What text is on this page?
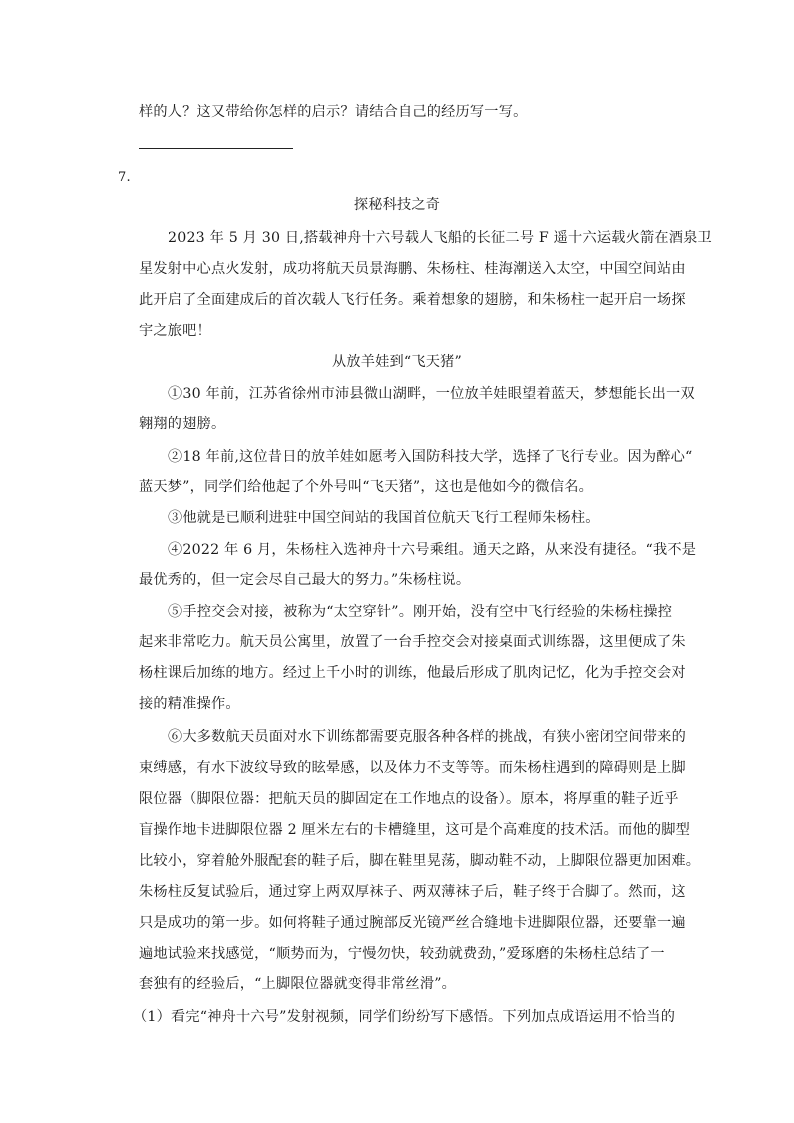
样的人？这又带给你怎样的启示？请结合自己的经历写一写。
7.
探秘科技之奇
2023 年 5 月 30 日,搭载神舟十六号载人飞船的长征二号 F 遥十六运载火箭在酒泉卫
星发射中心点火发射，成功将航天员景海鹏、朱杨柱、桂海潮送入太空，中国空间站由
此开启了全面建成后的首次载人飞行任务。乘着想象的翅膀，和朱杨柱一起开启一场探
宇之旅吧！
从放羊娃到“飞天猪”
①30 年前，江苏省徐州市沛县微山湖畔，一位放羊娃眼望着蓝天，梦想能长出一双
翱翔的翅膀。
②18 年前,这位昔日的放羊娃如愿考入国防科技大学，选择了飞行专业。因为醉心“
蓝天梦”，同学们给他起了个外号叫“飞天猪”，这也是他如今的微信名。
③他就是已顺利进驻中国空间站的我国首位航天飞行工程师朱杨柱。
④2022 年 6 月，朱杨柱入选神舟十六号乘组。通天之路，从来没有捷径。“我不是
最优秀的，但一定会尽自己最大的努力。”朱杨柱说。
⑤手控交会对接，被称为“太空穿针”。刚开始，没有空中飞行经验的朱杨柱操控
起来非常吃力。航天员公寓里，放置了一台手控交会对接桌面式训练器，这里便成了朱
杨柱课后加练的地方。经过上千小时的训练，他最后形成了肌肉记忆，化为手控交会对
接的精准操作。
⑥大多数航天员面对水下训练都需要克服各种各样的挑战，有狭小密闭空间带来的
束缚感，有水下波纹导致的眩晕感，以及体力不支等等。而朱杨柱遇到的障碍则是上脚
限位器（脚限位器：把航天员的脚固定在工作地点的设备）。原本，将厚重的鞋子近乎
盲操作地卡进脚限位器 2 厘米左右的卡槽缝里，这可是个高难度的技术活。而他的脚型
比较小，穿着舱外服配套的鞋子后，脚在鞋里晃荡，脚动鞋不动，上脚限位器更加困难。
朱杨柱反复试验后，通过穿上两双厚袜子、两双薄袜子后，鞋子终于合脚了。然而，这
只是成功的第一步。如何将鞋子通过腕部反光镜严丝合缝地卡进脚限位器，还要靠一遍
遍地试验来找感觉，“顺势而为，宁慢勿快，较劲就费劲，”爱琢磨的朱杨柱总结了一
套独有的经验后，“上脚限位器就变得非常丝滑”。
（1）看完“神舟十六号”发射视频，同学们纷纷写下感悟。下列加点成语运用不恰当的
